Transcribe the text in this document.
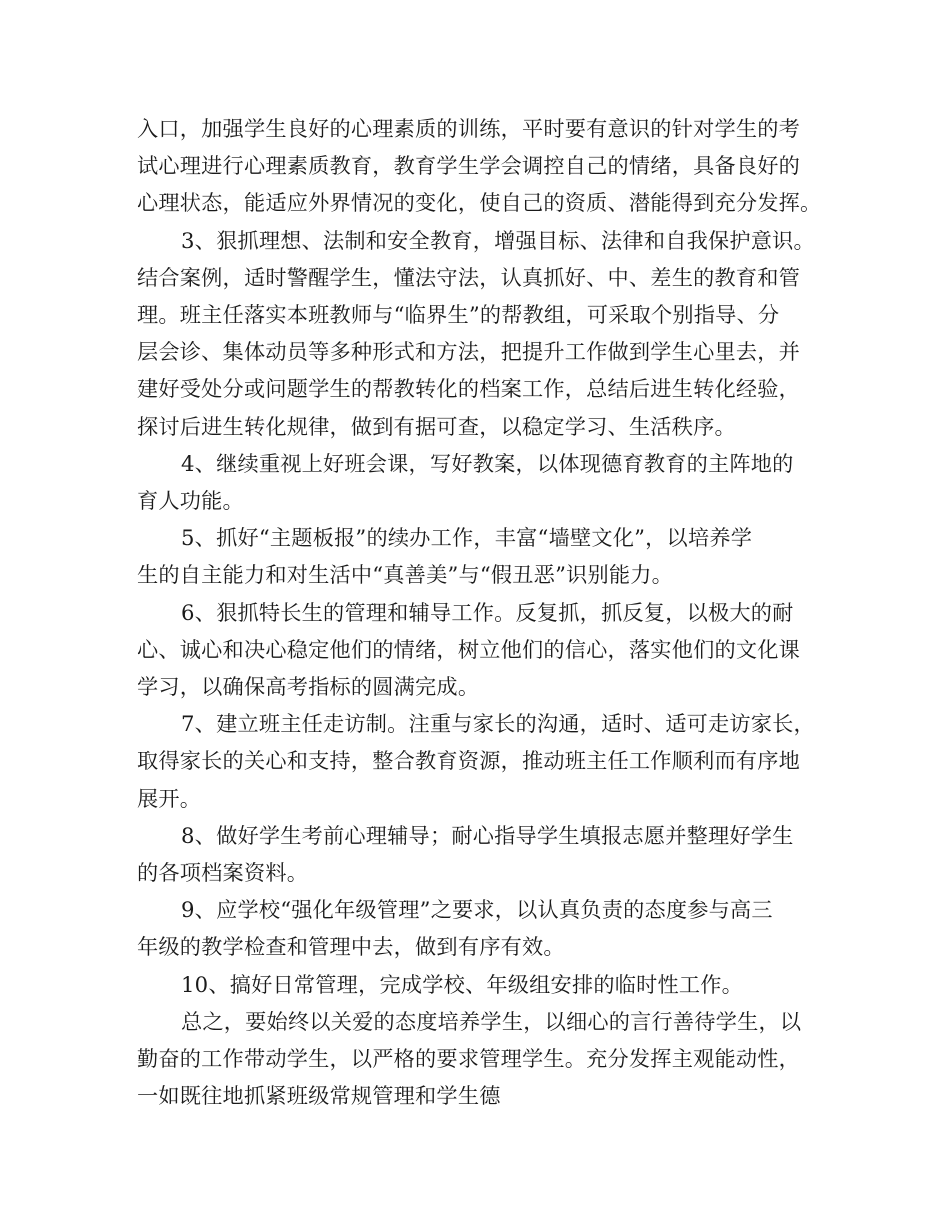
入口，加强学生良好的心理素质的训练，平时要有意识的针对学生的考
试心理进行心理素质教育，教育学生学会调控自己的情绪，具备良好的
心理状态，能适应外界情况的变化，使自己的资质、潜能得到充分发挥。
3、狠抓理想、法制和安全教育，增强目标、法律和自我保护意识。
结合案例，适时警醒学生，懂法守法，认真抓好、中、差生的教育和管
理。班主任落实本班教师与“临界生”的帮教组，可采取个别指导、分
层会诊、集体动员等多种形式和方法，把提升工作做到学生心里去，并
建好受处分或问题学生的帮教转化的档案工作，总结后进生转化经验，
探讨后进生转化规律，做到有据可查，以稳定学习、生活秩序。
4、继续重视上好班会课，写好教案，以体现德育教育的主阵地的
育人功能。
5、抓好“主题板报”的续办工作，丰富“墙壁文化”，以培养学
生的自主能力和对生活中“真善美”与“假丑恶”识别能力。
6、狠抓特长生的管理和辅导工作。反复抓，抓反复，以极大的耐
心、诚心和决心稳定他们的情绪，树立他们的信心，落实他们的文化课
学习，以确保高考指标的圆满完成。
7、建立班主任走访制。注重与家长的沟通，适时、适可走访家长，
取得家长的关心和支持，整合教育资源，推动班主任工作顺利而有序地
展开。
8、做好学生考前心理辅导；耐心指导学生填报志愿并整理好学生
的各项档案资料。
9、应学校“强化年级管理”之要求，以认真负责的态度参与高三
年级的教学检查和管理中去，做到有序有效。
10、搞好日常管理，完成学校、年级组安排的临时性工作。
总之，要始终以关爱的态度培养学生，以细心的言行善待学生，以
勤奋的工作带动学生，以严格的要求管理学生。充分发挥主观能动性，
一如既往地抓紧班级常规管理和学生德
